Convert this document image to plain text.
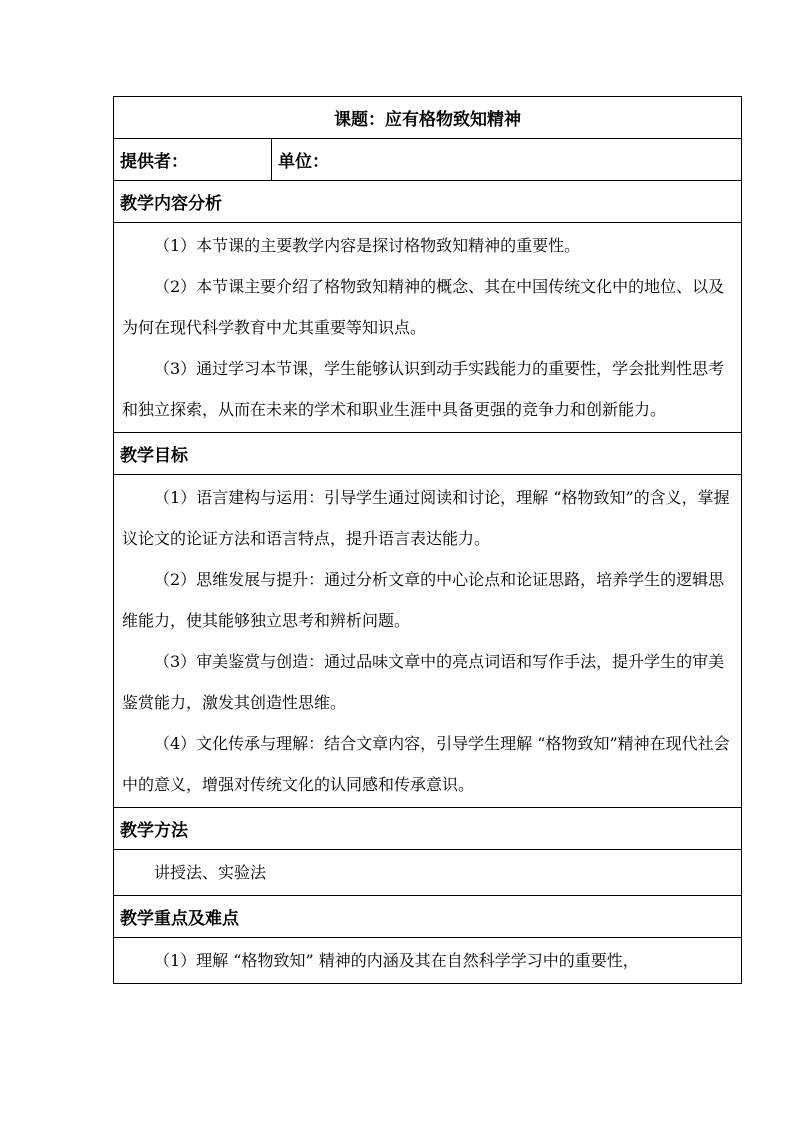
课题：应有格物致知精神
提供者：	单位：
教学内容分析

（1）本节课的主要教学内容是探讨格物致知精神的重要性。

（2）本节课主要介绍了格物致知精神的概念、其在中国传统文化中的地位、以及为何在现代科学教育中尤其重要等知识点。

（3）通过学习本节课，学生能够认识到动手实践能力的重要性，学会批判性思考和独立探索，从而在未来的学术和职业生涯中具备更强的竞争力和创新能力。

教学目标

（1）语言建构与运用：引导学生通过阅读和讨论，理解 “格物致知”的含义，掌握议论文的论证方法和语言特点，提升语言表达能力。

（2）思维发展与提升：通过分析文章的中心论点和论证思路，培养学生的逻辑思维能力，使其能够独立思考和辨析问题。

（3）审美鉴赏与创造：通过品味文章中的亮点词语和写作手法，提升学生的审美鉴赏能力，激发其创造性思维。

（4）文化传承与理解：结合文章内容，引导学生理解 “格物致知”精神在现代社会中的意义，增强对传统文化的认同感和传承意识。

教学方法

讲授法、实验法

教学重点及难点

（1）理解 “格物致知” 精神的内涵及其在自然科学学习中的重要性，
